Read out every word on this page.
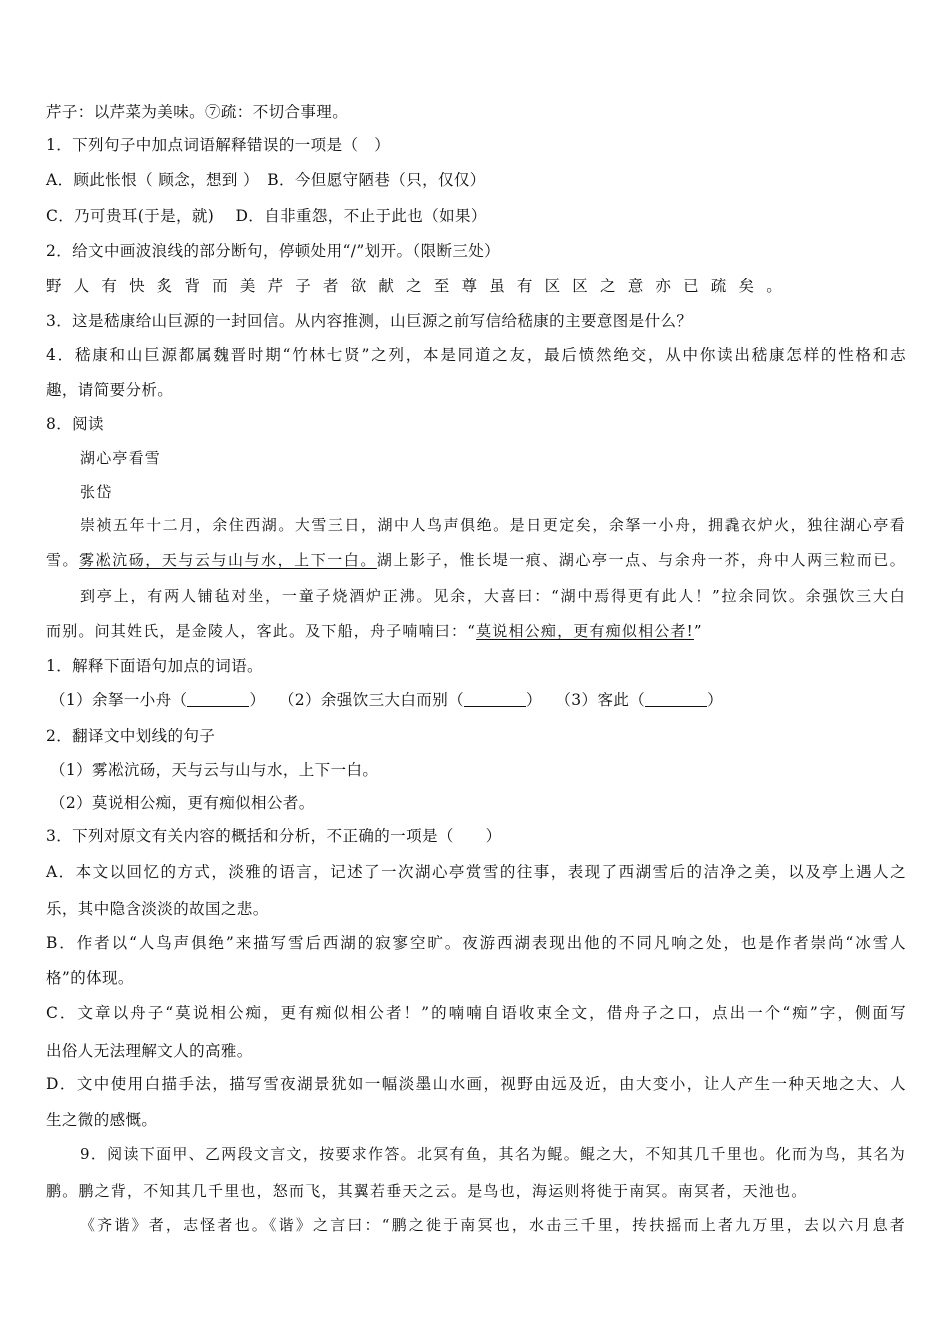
芹子：以芹菜为美味。⑦疏：不切合事理。
1．下列句子中加点词语解释错误的一项是（　）
A．顾此怅恨（ 顾念，想到 ）　B．今但愿守陋巷（只，仅仅）
C．乃可贵耳(于是，就)　 D．自非重怨，不止于此也（如果）
2．给文中画波浪线的部分断句，停顿处用“/”划开。（限断三处）
野人有快炙背而美芹子者欲献之至尊虽有区区之意亦已疏矣。
3．这是嵇康给山巨源的一封回信。从内容推测，山巨源之前写信给嵇康的主要意图是什么？
4．嵇康和山巨源都属魏晋时期“竹林七贤”之列，本是同道之友，最后愤然绝交，从中你读出嵇康怎样的性格和志
趣，请简要分析。
8．阅读
湖心亭看雪
张岱
崇祯五年十二月，余住西湖。大雪三日，湖中人鸟声俱绝。是日更定矣，余拏一小舟，拥毳衣炉火，独往湖心亭看
雪。雾凇沆砀，天与云与山与水，上下一白。湖上影子，惟长堤一痕、湖心亭一点、与余舟一芥，舟中人两三粒而已。
到亭上，有两人铺毡对坐，一童子烧酒炉正沸。见余，大喜曰：“湖中焉得更有此人！”拉余同饮。余强饮三大白
而别。问其姓氏，是金陵人，客此。及下船，舟子喃喃曰：“莫说相公痴，更有痴似相公者!”
1．解释下面语句加点的词语。
（1）余拏一小舟（	）　 （2）余强饮三大白而别（	）　 （3）客此（	）
2．翻译文中划线的句子
（1）雾凇沆砀，天与云与山与水，上下一白。
（2）莫说相公痴，更有痴似相公者。
3．下列对原文有关内容的概括和分析，不正确的一项是（　　）
A．本文以回忆的方式，淡雅的语言，记述了一次湖心亭赏雪的往事，表现了西湖雪后的洁净之美，以及亭上遇人之
乐，其中隐含淡淡的故国之悲。
B．作者以“人鸟声俱绝”来描写雪后西湖的寂寥空旷。夜游西湖表现出他的不同凡响之处，也是作者崇尚“冰雪人
格”的体现。
C．文章以舟子“莫说相公痴，更有痴似相公者！”的喃喃自语收束全文，借舟子之口，点出一个“痴”字，侧面写
出俗人无法理解文人的高雅。
D．文中使用白描手法，描写雪夜湖景犹如一幅淡墨山水画，视野由远及近，由大变小，让人产生一种天地之大、人
生之微的感慨。
9．阅读下面甲、乙两段文言文，按要求作答。北冥有鱼，其名为鲲。鲲之大，不知其几千里也。化而为鸟，其名为
鹏。鹏之背，不知其几千里也，怒而飞，其翼若垂天之云。是鸟也，海运则将徙于南冥。南冥者，天池也。
《齐谐》者，志怪者也。《谐》之言曰：“鹏之徙于南冥也，水击三千里，抟扶摇而上者九万里，去以六月息者
